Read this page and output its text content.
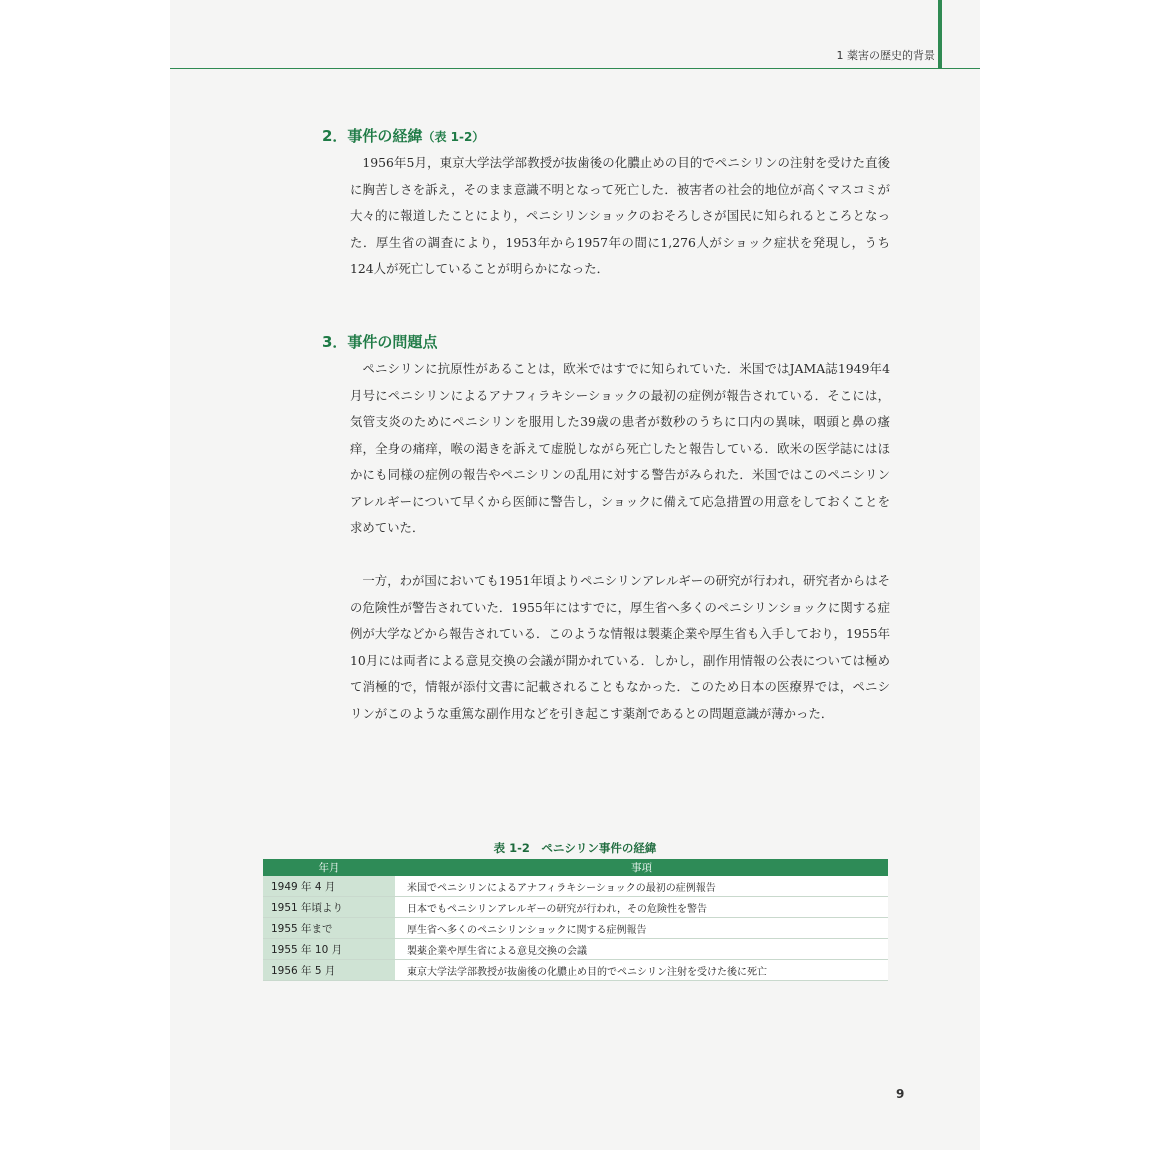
1 薬害の歴史的背景
2．事件の経緯（表 1-2）

1956年5月，東京大学法学部教授が抜歯後の化膿止めの目的でペニシリンの注射を受けた直後に胸苦しさを訴え，そのまま意識不明となって死亡した．被害者の社会的地位が高くマスコミが大々的に報道したことにより，ペニシリンショックのおそろしさが国民に知られるところとなった．厚生省の調査により，1953年から1957年の間に1,276人がショック症状を発現し，うち124人が死亡していることが明らかになった．

3．事件の問題点

ペニシリンに抗原性があることは，欧米ではすでに知られていた．米国ではJAMA誌1949年4月号にペニシリンによるアナフィラキシーショックの最初の症例が報告されている．そこには，気管支炎のためにペニシリンを服用した39歳の患者が数秒のうちに口内の異味，咽頭と鼻の瘙痒，全身の痛痒，喉の渇きを訴えて虚脱しながら死亡したと報告している．欧米の医学誌にはほかにも同様の症例の報告やペニシリンの乱用に対する警告がみられた．米国ではこのペニシリンアレルギーについて早くから医師に警告し，ショックに備えて応急措置の用意をしておくことを求めていた．

一方，わが国においても1951年頃よりペニシリンアレルギーの研究が行われ，研究者からはその危険性が警告されていた．1955年にはすでに，厚生省へ多くのペニシリンショックに関する症例が大学などから報告されている．このような情報は製薬企業や厚生省も入手しており，1955年10月には両者による意見交換の会議が開かれている．しかし，副作用情報の公表については極めて消極的で，情報が添付文書に記載されることもなかった．このため日本の医療界では，ペニシリンがこのような重篤な副作用などを引き起こす薬剤であるとの問題意識が薄かった．

表 1-2　ペニシリン事件の経緯
年月	事項
1949 年 4 月	米国でペニシリンによるアナフィラキシーショックの最初の症例報告
1951 年頃より	日本でもペニシリンアレルギーの研究が行われ，その危険性を警告
1955 年まで	厚生省へ多くのペニシリンショックに関する症例報告
1955 年 10 月	製薬企業や厚生省による意見交換の会議
1956 年 5 月	東京大学法学部教授が抜歯後の化膿止め目的でペニシリン注射を受けた後に死亡
9
